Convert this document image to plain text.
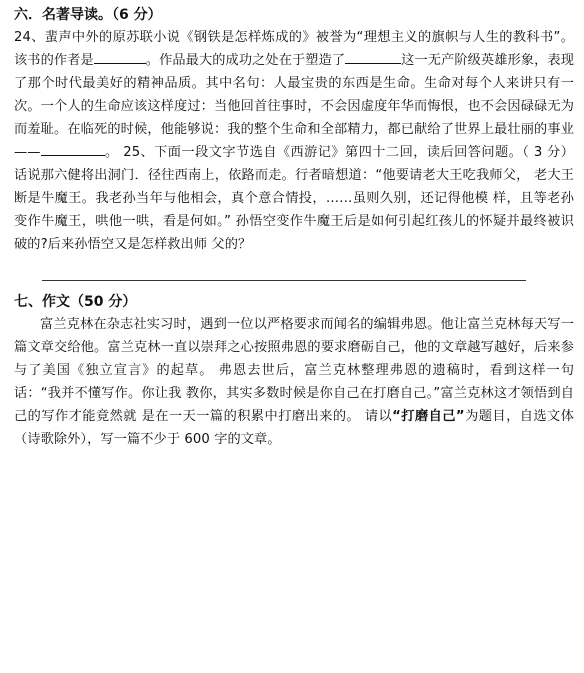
六．名著导读。（6 分）

24、蜚声中外的原苏联小说《钢铁是怎样炼成的》被誉为“理想主义的旗帜与人生的教科书”。该书的作者是	。作品最大的成功之处在于塑造了	这一无产阶级英雄形象，表现了那个时代最美好的精神品质。其中名句：人最宝贵的东西是生命。生命对每个人来讲只有一次。一个人的生命应该这样度过：当他回首往事时，不会因虚度年华而悔恨，也不会因碌碌无为而羞耻。在临死的时候，他能够说：我的整个生命和全部精力，都已献给了世界上最壮丽的事业——	。 25、下面一段文字节选自《西游记》第四十二回，读后回答问题。（ 3 分） 话说那六健将出洞门．径往西南上，依路而走。行者暗想道：“他要请老大王吃我师父， 老大王断是牛魔王。我老孙当年与他相会，真个意合情投，……虽则久别，还记得他模 样，且等老孙变作牛魔王，哄他一哄，看是何如。” 孙悟空变作牛魔王后是如何引起红孩儿的怀疑并最终被识破的?后来孙悟空又是怎样救出师 父的？

七、作文（50 分）

富兰克林在杂志社实习时，遇到一位以严格要求而闻名的编辑弗恩。他让富兰克林每天写一篇文章交给他。富兰克林一直以崇拜之心按照弗恩的要求磨砺自己，他的文章越写越好，后来参与了美国《独立宣言》的起草。 弗恩去世后，富兰克林整理弗恩的遗稿时，看到这样一句话：“我并不懂写作。你让我 教你，其实多数时候是你自己在打磨自己。”富兰克林这才领悟到自己的写作才能竟然就 是在一天一篇的积累中打磨出来的。 请以“打磨自己”为题目，自选文体（诗歌除外），写一篇不少于 600 字的文章。
